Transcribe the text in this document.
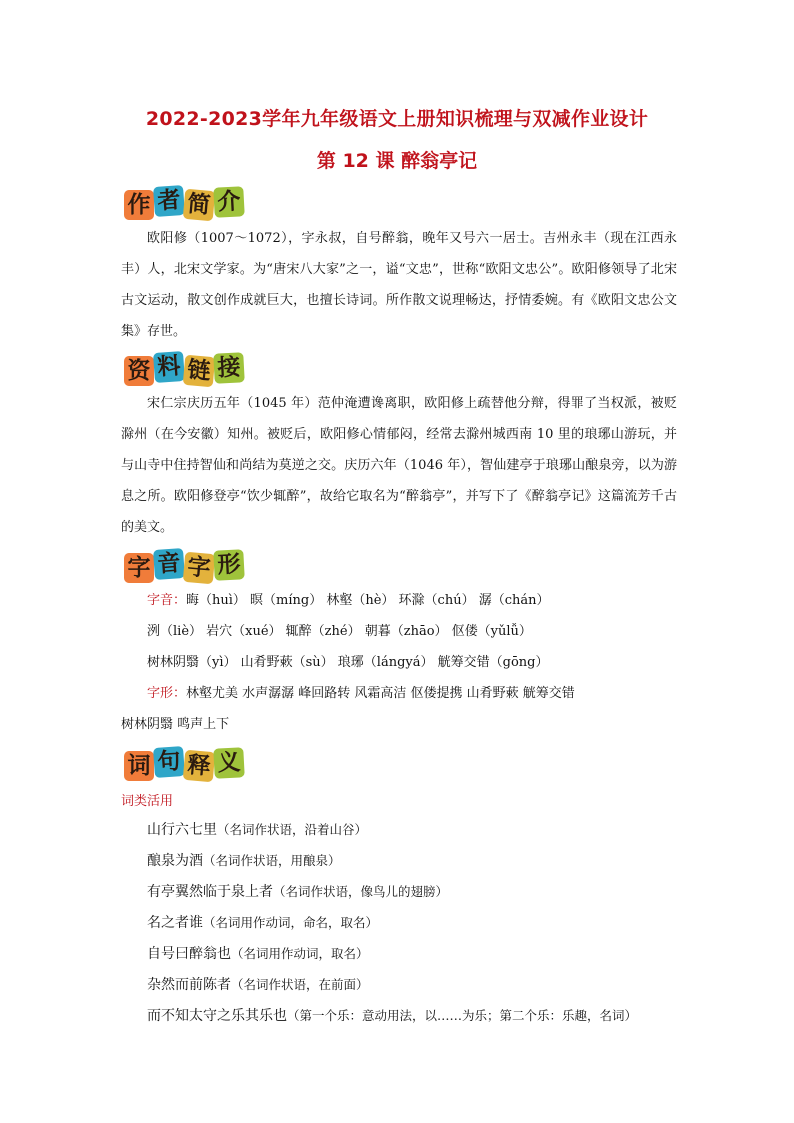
2022-2023学年九年级语文上册知识梳理与双减作业设计
第 12 课 醉翁亭记
作 者 简 介
欧阳修（1007～1072），字永叔，自号醉翁，晚年又号六一居士。吉州永丰（现在江西永丰）人，北宋文学家。为“唐宋八大家”之一，谥“文忠”，世称“欧阳文忠公”。欧阳修领导了北宋古文运动，散文创作成就巨大，也擅长诗词。所作散文说理畅达，抒情委婉。有《欧阳文忠公文集》存世。
资 料 链 接
宋仁宗庆历五年（1045 年）范仲淹遭谗离职，欧阳修上疏替他分辩，得罪了当权派，被贬滁州（在今安徽）知州。被贬后，欧阳修心情郁闷，经常去滁州城西南 10 里的琅琊山游玩，并与山寺中住持智仙和尚结为莫逆之交。庆历六年（1046 年），智仙建亭于琅琊山酿泉旁，以为游息之所。欧阳修登亭“饮少辄醉”，故给它取名为“醉翁亭”，并写下了《醉翁亭记》这篇流芳千古的美文。
字 音 字 形
字音：晦（huì） 暝（míng） 林壑（hè） 环滁（chú） 潺（chán）
洌（liè） 岩穴（xué） 辄醉（zhé） 朝暮（zhāo） 伛偻（yǔlǚ）
树林阴翳（yì） 山肴野蔌（sù） 琅琊（lángyá） 觥筹交错（gōng）
字形：林壑尤美 水声潺潺 峰回路转 风霜高洁 伛偻提携 山肴野蔌 觥筹交错
树林阴翳 鸣声上下
词 句 释 义
词类活用
山行六七里（名词作状语，沿着山谷）
酿泉为酒（名词作状语，用酿泉）
有亭翼然临于泉上者（名词作状语，像鸟儿的翅膀）
名之者谁（名词用作动词，命名，取名）
自号曰醉翁也（名词用作动词，取名）
杂然而前陈者（名词作状语，在前面）
而不知太守之乐其乐也（第一个乐：意动用法，以……为乐；第二个乐：乐趣，名词）
